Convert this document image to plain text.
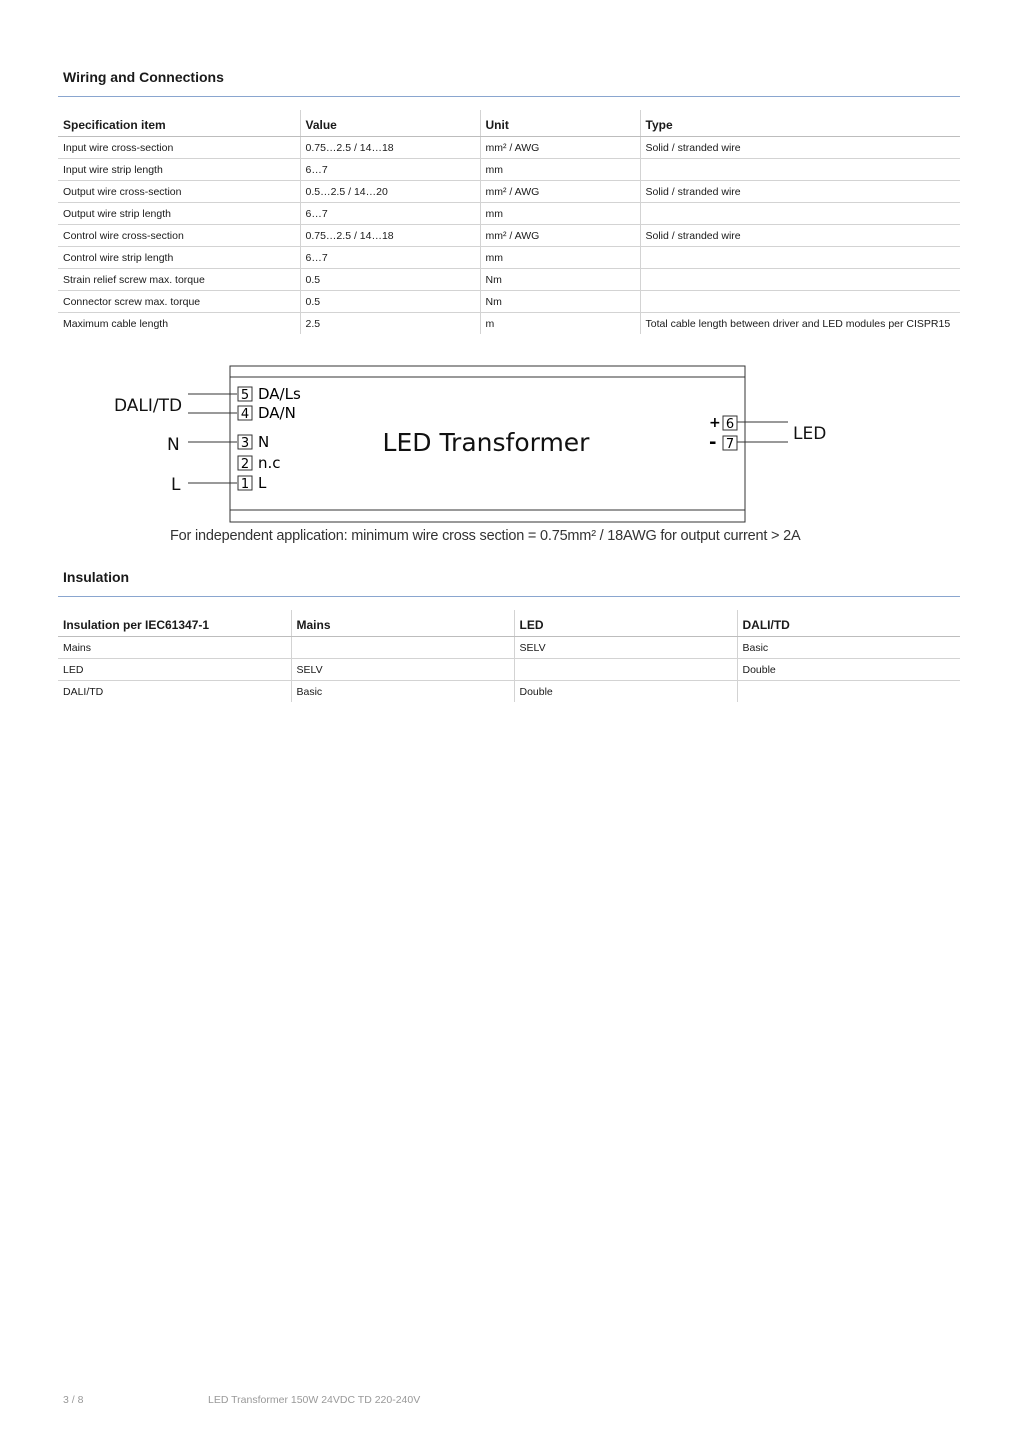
Wiring and Connections
Specification item	Value	Unit	Type
Input wire cross-section	0.75…2.5 / 14…18	mm² / AWG	Solid / stranded wire
Input wire strip length	6…7	mm	
Output wire cross-section	0.5…2.5 / 14…20	mm² / AWG	Solid / stranded wire
Output wire strip length	6…7	mm	
Control wire cross-section	0.75…2.5 / 14…18	mm² / AWG	Solid / stranded wire
Control wire strip length	6…7	mm	
Strain relief screw max. torque	0.5	Nm	
Connector screw max. torque	0.5	Nm	
Maximum cable length	2.5	m	Total cable length between driver and LED modules per CISPR15
LED Transformer
DALI/TD
N
L
5 DA/Ls
4 DA/N
3 N
2 n.c
1 L
+ 6
- 7
LED
For independent application: minimum wire cross section = 0.75mm² / 18AWG for output current > 2A
Insulation
Insulation per IEC61347-1	Mains	LED	DALI/TD
Mains		SELV	Basic
LED	SELV		Double
DALI/TD	Basic	Double	
3 / 8	LED Transformer 150W 24VDC TD 220-240V
